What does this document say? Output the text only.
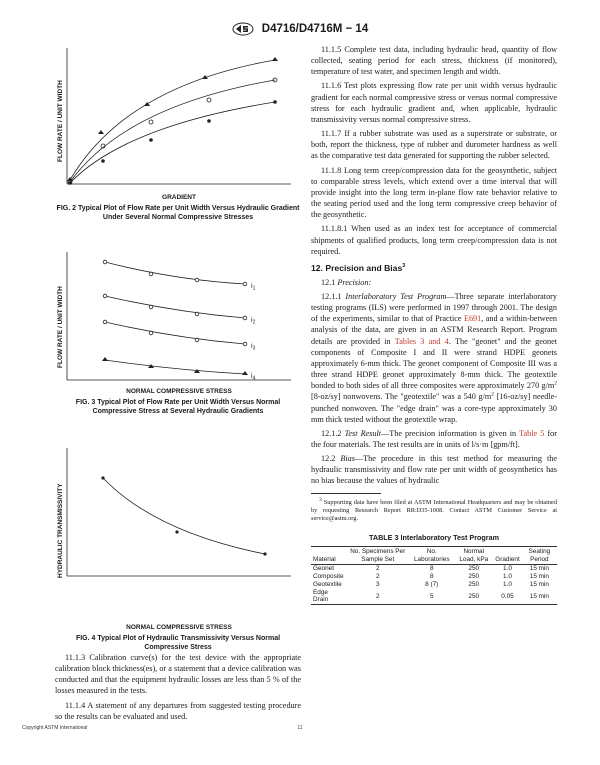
D4716/D4716M − 14
FLOW RATE / UNIT WIDTH
GRADIENT
FIG. 2 Typical Plot of Flow Rate per Unit Width Versus Hydraulic Gradient Under Several Normal Compressive Stresses
FLOW RATE / UNIT WIDTH	$i_1$
$i_2$
$i_3$
$i_4$
NORMAL COMPRESSIVE STRESS
FIG. 3 Typical Plot of Flow Rate per Unit Width Versus Normal Compressive Stress at Several Hydraulic Gradients
HYDRAULIC TRANSMISSIVITY
NORMAL COMPRESSIVE STRESS
FIG. 4 Typical Plot of Hydraulic Transmissivity Versus Normal Compressive Stress

11.1.3 Calibration curve(s) for the test device with the appropriate calibration block thickness(es), or a statement that a device calibration was conducted and that the equipment hydraulic losses are less than 5 % of the losses measured in the tests.

11.1.4 A statement of any departures from suggested testing procedure so the results can be evaluated and used.

11.1.5 Complete test data, including hydraulic head, quantity of flow collected, seating period for each stress, thickness (if monitored), temperature of test water, and specimen length and width.

11.1.6 Test plots expressing flow rate per unit width versus hydraulic gradient for each normal compressive stress or versus normal compressive stress for each hydraulic gradient and, when applicable, hydraulic transmissivity versus normal compressive stress.

11.1.7 If a rubber substrate was used as a superstrate or substrate, or both, report the thickness, type of rubber and durometer hardness as well as the comparative test data generated for supporting the rubber selected.

11.1.8 Long term creep/compression data for the geosynthetic, subject to comparable stress levels, which extend over a time interval that will provide insight into the long term in-plane flow rate behavior relative to the seating period used and the long term compressive creep behavior of the geosynthetic.

11.1.8.1 When used as an index test for acceptance of commercial shipments of qualified products, long term creep/compression data is not required.

12. Precision and Bias$^3$

12.1 Precision:

12.1.1 Interlaboratory Test Program—Three separate interlaboratory testing programs (ILS) were performed in 1997 through 2001. The design of the experiments, similar to that of Practice E691, and a within-between analysis of the data, are given in an ASTM Research Report. Program details are provided in Tables 3 and 4. The "geonet" and the geonet components of Composite I and II were strand HDPE geonets approximately 6-mm thick. The geonet component of Composite III was a three strand HDPE geonet approximately 8-mm thick. The geotextile bonded to both sides of all three composites were approximately 270 $g/m^2$ [8-oz/sy] nonwovens. The "geotextile" was a 540 $g/m^2$ [16-oz/sy] needle-punched nonwoven. The "edge drain" was a core-type approximately 30 mm thick tested without the geotextile wrap.

12.1.2 Test Result—The precision information is given in Table 5 for the four materials. The test results are in units of l/s·m [gpm/ft].

12.2 Bias—The procedure in this test method for measuring the hydraulic transmissivity and flow rate per unit width of geosynthetics has no bias because the values of hydraulic

$^3$ Supporting data have been filed at ASTM International Headquarters and may be obtained by requesting Research Report RR:D35-1008. Contact ASTM Customer Service at service@astm.org.

TABLE 3 Interlaboratory Test Program
Material	No. Specimens Per Sample Set	No. Laboratories	Normal Load, kPa	Gradient	Seating Period
Geonet	2	8	250	1.0	15 min
Composite	2	8	250	1.0	15 min
Geotextile	3	8 (7)	250	1.0	15 min
Edge Drain	2	5	250	0.05	15 min
Copyright ASTM International	11
